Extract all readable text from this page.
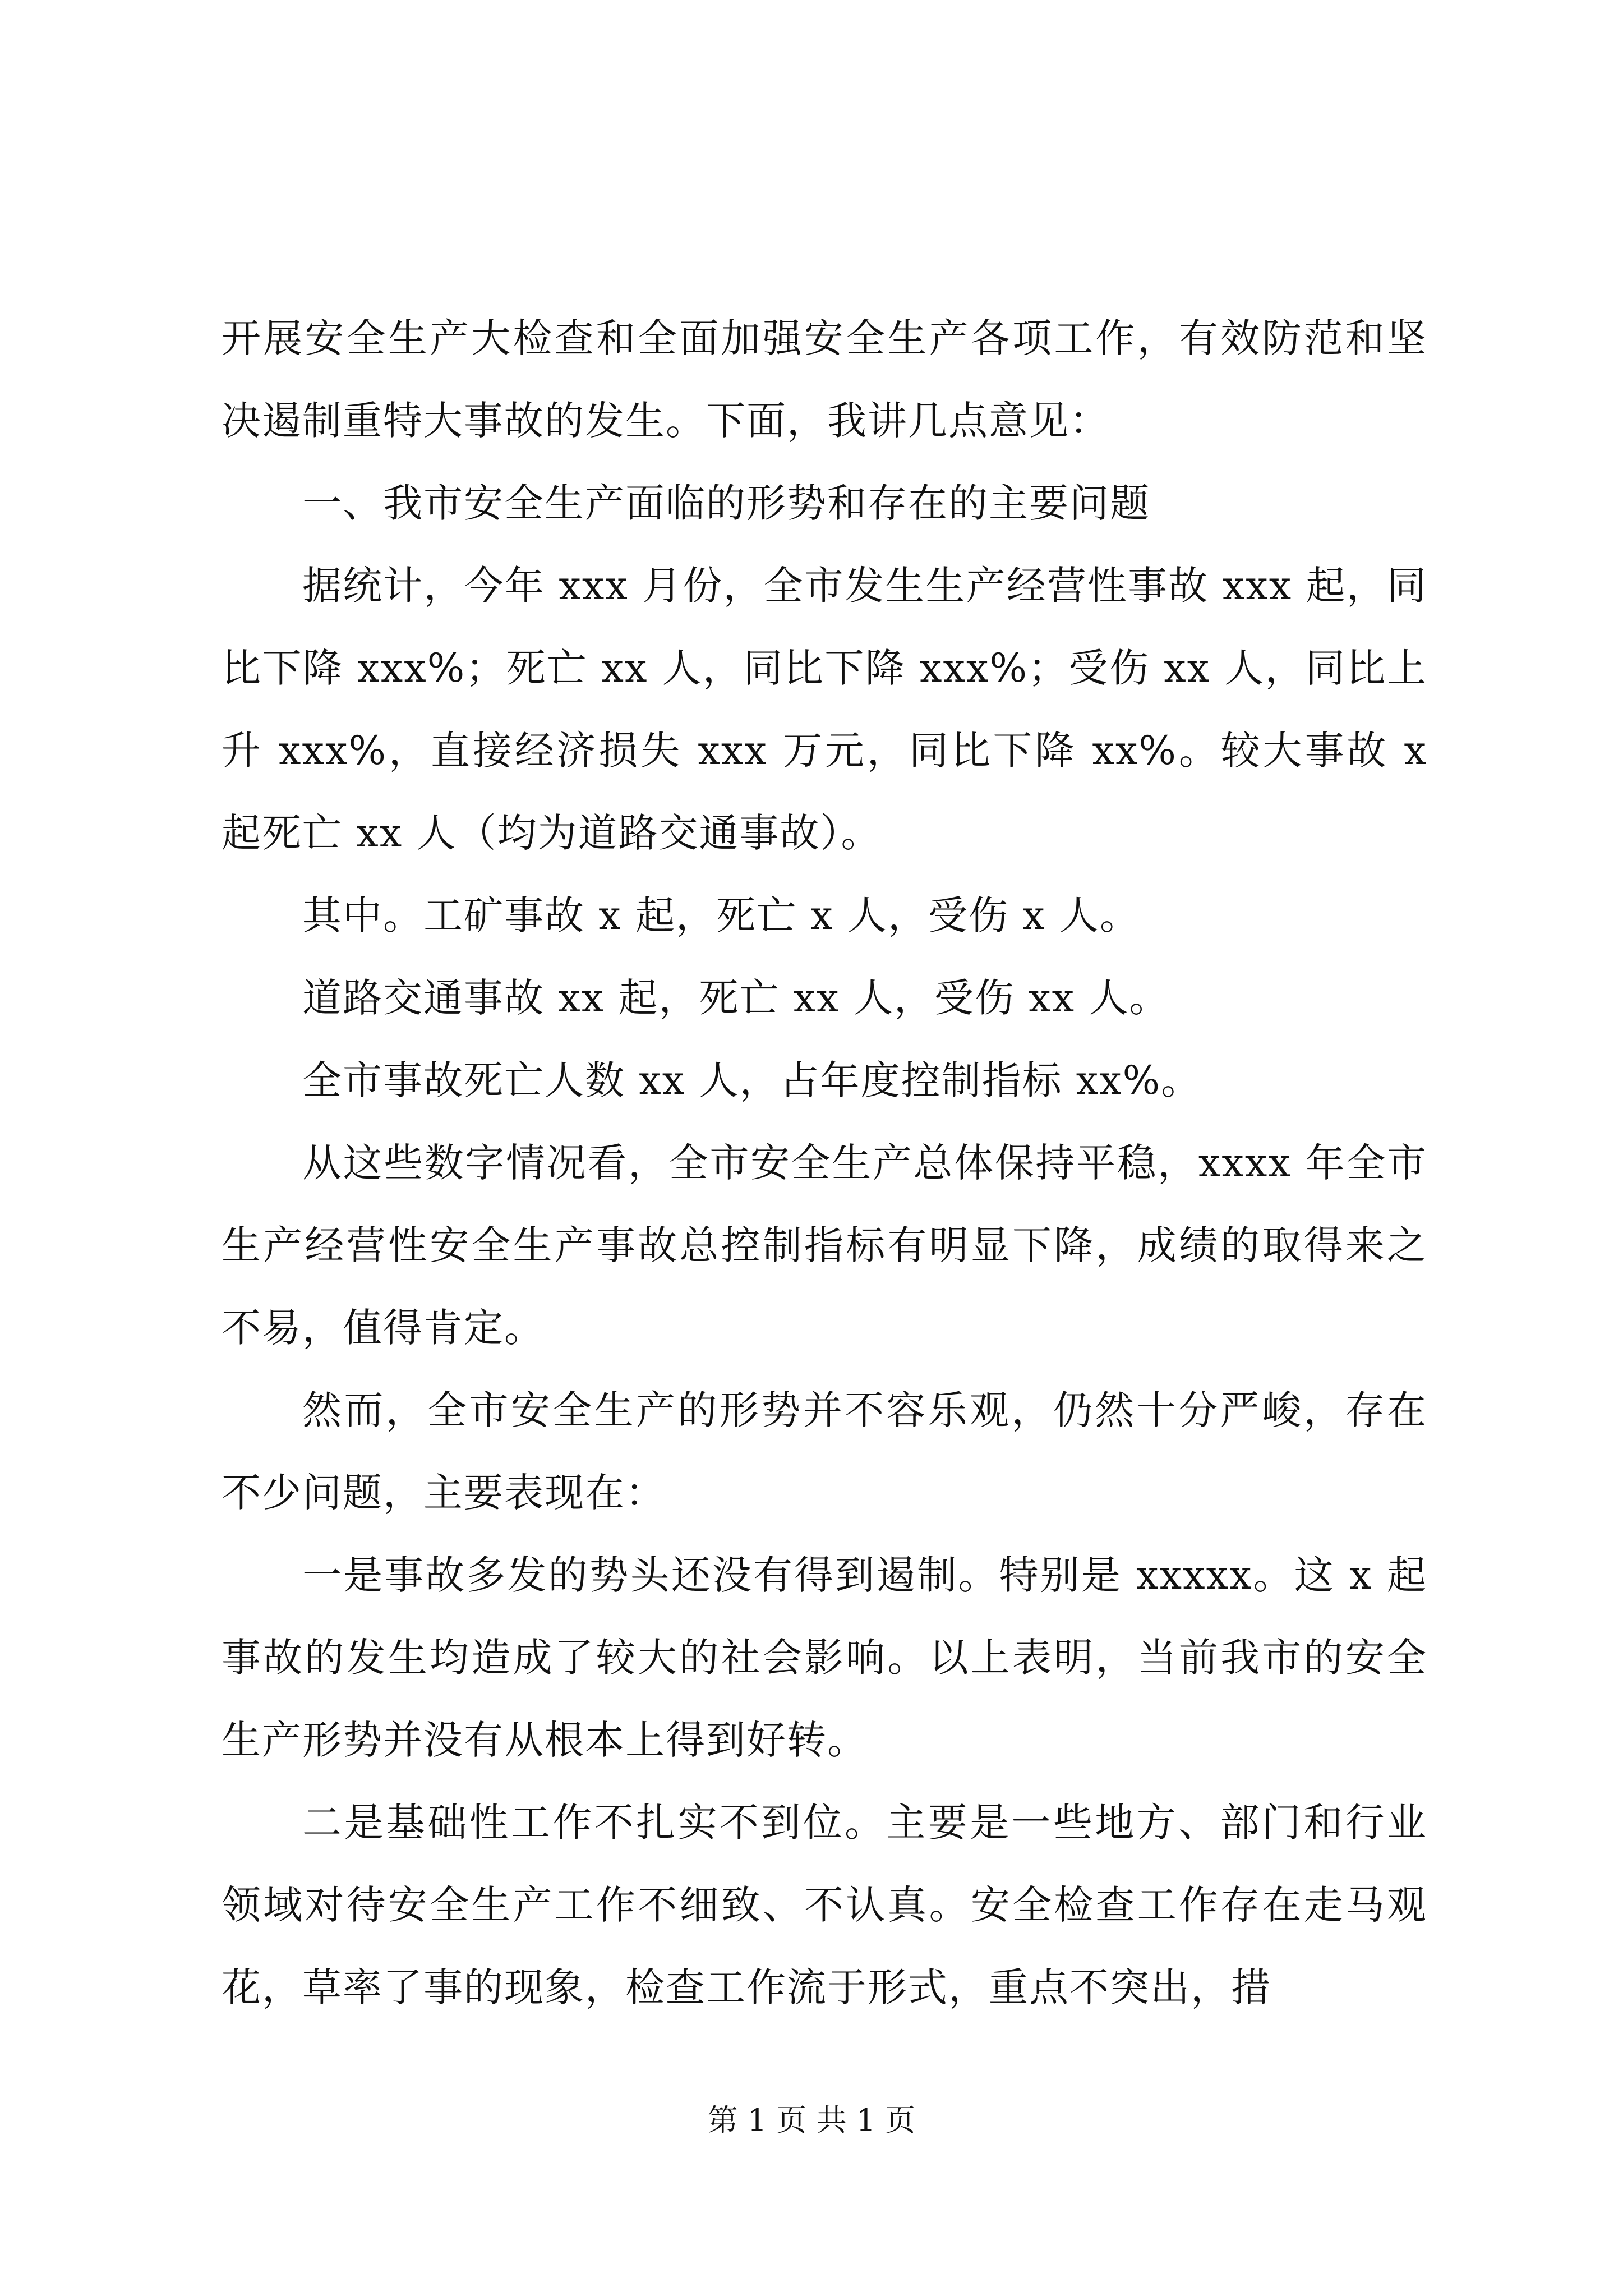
开展安全生产大检查和全面加强安全生产各项工作，有效防范和坚决遏制重特大事故的发生。下面，我讲几点意见：

一、我市安全生产面临的形势和存在的主要问题

据统计，今年 xxx 月份，全市发生生产经营性事故 xxx 起，同比下降 xxx%；死亡 xx 人，同比下降 xxx%；受伤 xx 人，同比上升 xxx%，直接经济损失 xxx 万元，同比下降 xx%。较大事故 x 起死亡 xx 人（均为道路交通事故）。

其中。工矿事故 x 起，死亡 x 人，受伤 x 人。

道路交通事故 xx 起，死亡 xx 人，受伤 xx 人。

全市事故死亡人数 xx 人，占年度控制指标 xx%。

从这些数字情况看，全市安全生产总体保持平稳，xxxx 年全市生产经营性安全生产事故总控制指标有明显下降，成绩的取得来之不易，值得肯定。

然而，全市安全生产的形势并不容乐观，仍然十分严峻，存在不少问题，主要表现在：

一是事故多发的势头还没有得到遏制。特别是 xxxxx。这 x 起事故的发生均造成了较大的社会影响。以上表明，当前我市的安全生产形势并没有从根本上得到好转。

二是基础性工作不扎实不到位。主要是一些地方、部门和行业领域对待安全生产工作不细致、不认真。安全检查工作存在走马观花，草率了事的现象，检查工作流于形式，重点不突出，措

第 1 页 共 1 页
